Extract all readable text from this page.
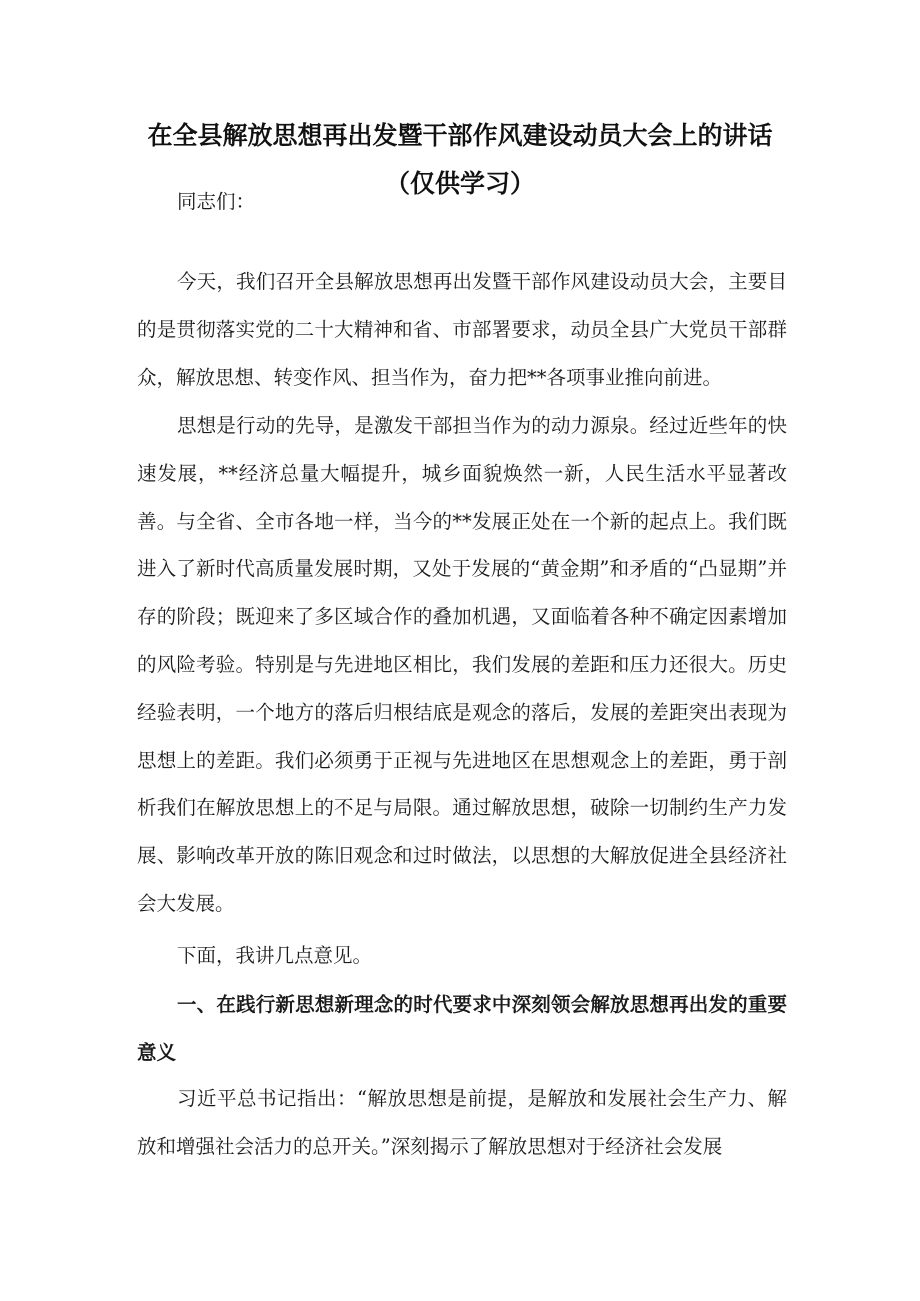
在全县解放思想再出发暨干部作风建设动员大会上的讲话
（仅供学习）

同志们：

今天，我们召开全县解放思想再出发暨干部作风建设动员大会，主要目的是贯彻落实党的二十大精神和省、市部署要求，动员全县广大党员干部群众，解放思想、转变作风、担当作为，奋力把**各项事业推向前进。

思想是行动的先导，是激发干部担当作为的动力源泉。经过近些年的快速发展，**经济总量大幅提升，城乡面貌焕然一新，人民生活水平显著改善。与全省、全市各地一样，当今的**发展正处在一个新的起点上。我们既进入了新时代高质量发展时期，又处于发展的“黄金期”和矛盾的“凸显期”并存的阶段；既迎来了多区域合作的叠加机遇，又面临着各种不确定因素增加的风险考验。特别是与先进地区相比，我们发展的差距和压力还很大。历史经验表明，一个地方的落后归根结底是观念的落后，发展的差距突出表现为思想上的差距。我们必须勇于正视与先进地区在思想观念上的差距，勇于剖析我们在解放思想上的不足与局限。通过解放思想，破除一切制约生产力发展、影响改革开放的陈旧观念和过时做法，以思想的大解放促进全县经济社会大发展。

下面，我讲几点意见。

一、在践行新思想新理念的时代要求中深刻领会解放思想再出发的重要意义

习近平总书记指出：“解放思想是前提，是解放和发展社会生产力、解放和增强社会活力的总开关。”深刻揭示了解放思想对于经济社会发展
